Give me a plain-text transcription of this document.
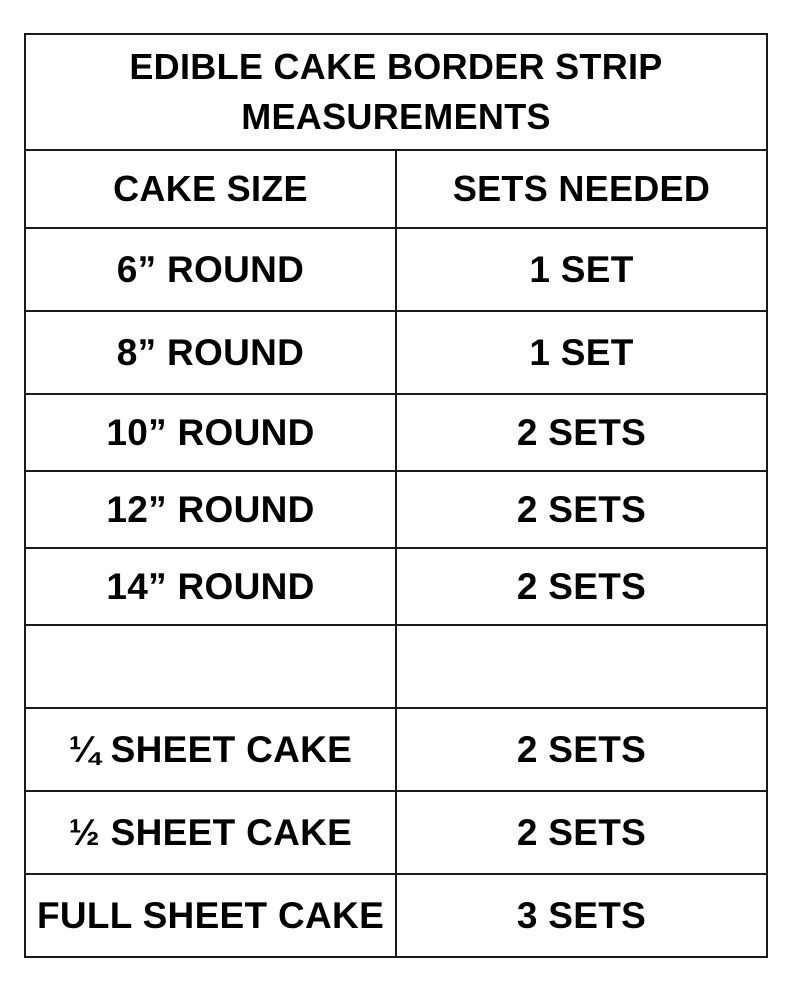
EDIBLE CAKE BORDER STRIP
MEASUREMENTS	

CAKE SIZE	SETS NEEDED
6” ROUND	1 SET
8” ROUND	1 SET
10” ROUND	2 SETS
12” ROUND	2 SETS
14” ROUND	2 SETS

¼ SHEET CAKE	2 SETS
½ SHEET CAKE	2 SETS
FULL SHEET CAKE	3 SETS
